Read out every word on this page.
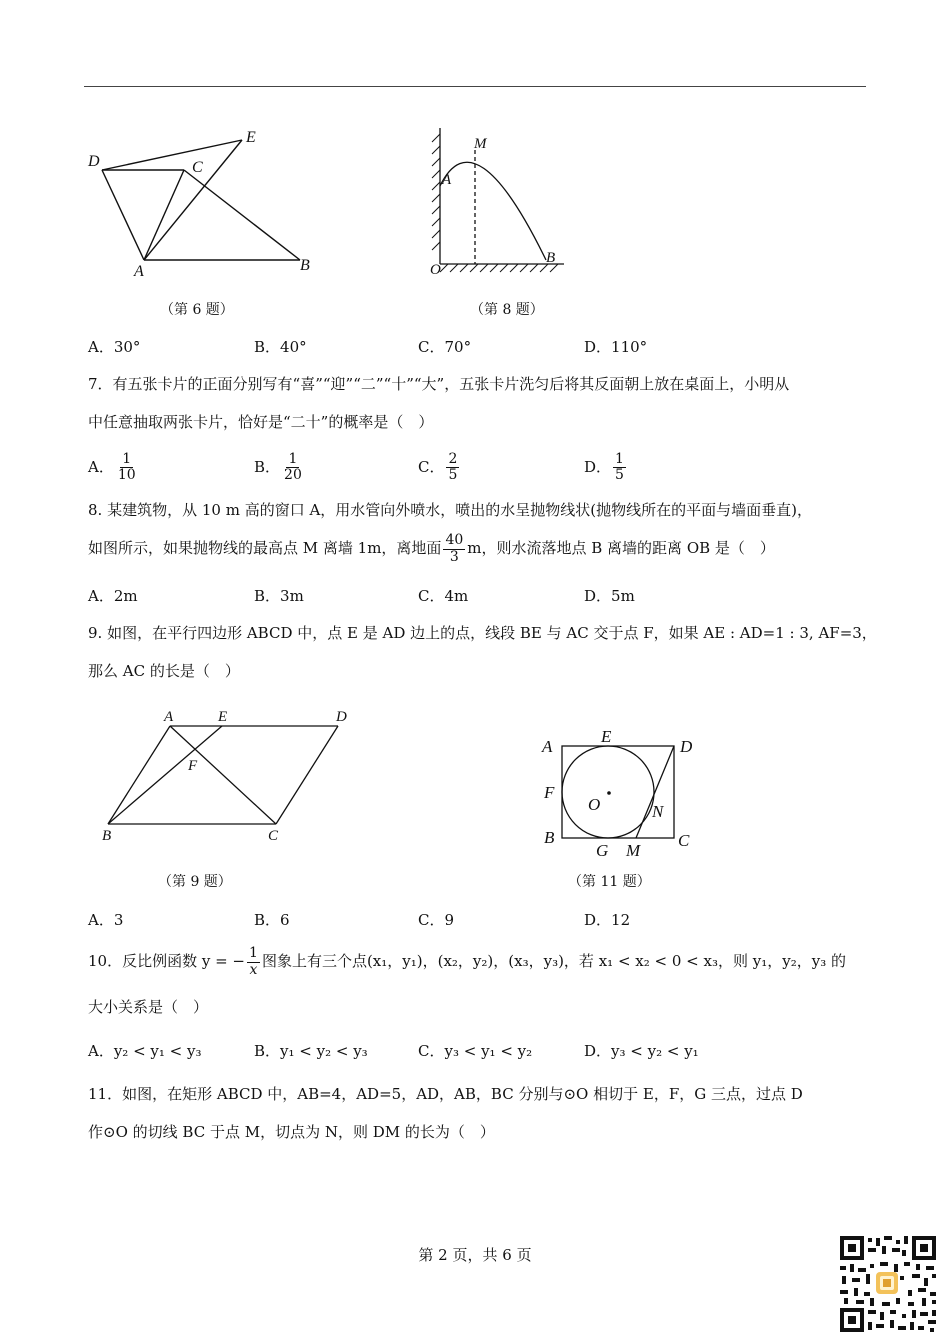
D
E
C
A	B
（第 6 题）
M
A
O
B
（第 8 题）
A．30°	B．40°	C．70°	D．110°
7．有五张卡片的正面分别写有“喜”“迎”“二”“十”“大”，五张卡片洗匀后将其反面朝上放在桌面上，小明从
中任意抽取两张卡片，恰好是“二十”的概率是（　）
A． $\frac{1}{10}$	B． $\frac{1}{20}$	C． $\frac{2}{5}$	D． $\frac{1}{5}$
8. 某建筑物，从 10 m 高的窗口 A，用水管向外喷水，喷出的水呈抛物线状(抛物线所在的平面与墙面垂直)，
如图所示，如果抛物线的最高点 M 离墙 1m，离地面 $\frac{40}{3}$ m，则水流落地点 B 离墙的距离 OB 是（　）
A．2m	B．3m	C．4m	D．5m
9. 如图，在平行四边形 ABCD 中，点 E 是 AD 边上的点，线段 BE 与 AC 交于点 F，如果 AE : AD=1 : 3, AF=3，
那么 AC 的长是（　）
A	E	D
F
B	C
（第 9 题）
A
E
D
F
O	N
B
G M
C
（第 11 题）
A．3	B．6	C．9	D．12
10．反比例函数 y = − $\frac{1}{x}$ 图象上有三个点(x₁，y₁)，(x₂，y₂)，(x₃，y₃)，若 x₁ < x₂ < 0 < x₃，则 y₁，y₂，y₃ 的
大小关系是（　）
A．y₂ < y₁ < y₃	B．y₁ < y₂ < y₃	C．y₃ < y₁ < y₂	D．y₃ < y₂ < y₁
11．如图，在矩形 ABCD 中，AB=4，AD=5，AD，AB，BC 分别与⊙O 相切于 E，F，G 三点，过点 D
作⊙O 的切线 BC 于点 M，切点为 N，则 DM 的长为（　）
第 2 页，共 6 页
